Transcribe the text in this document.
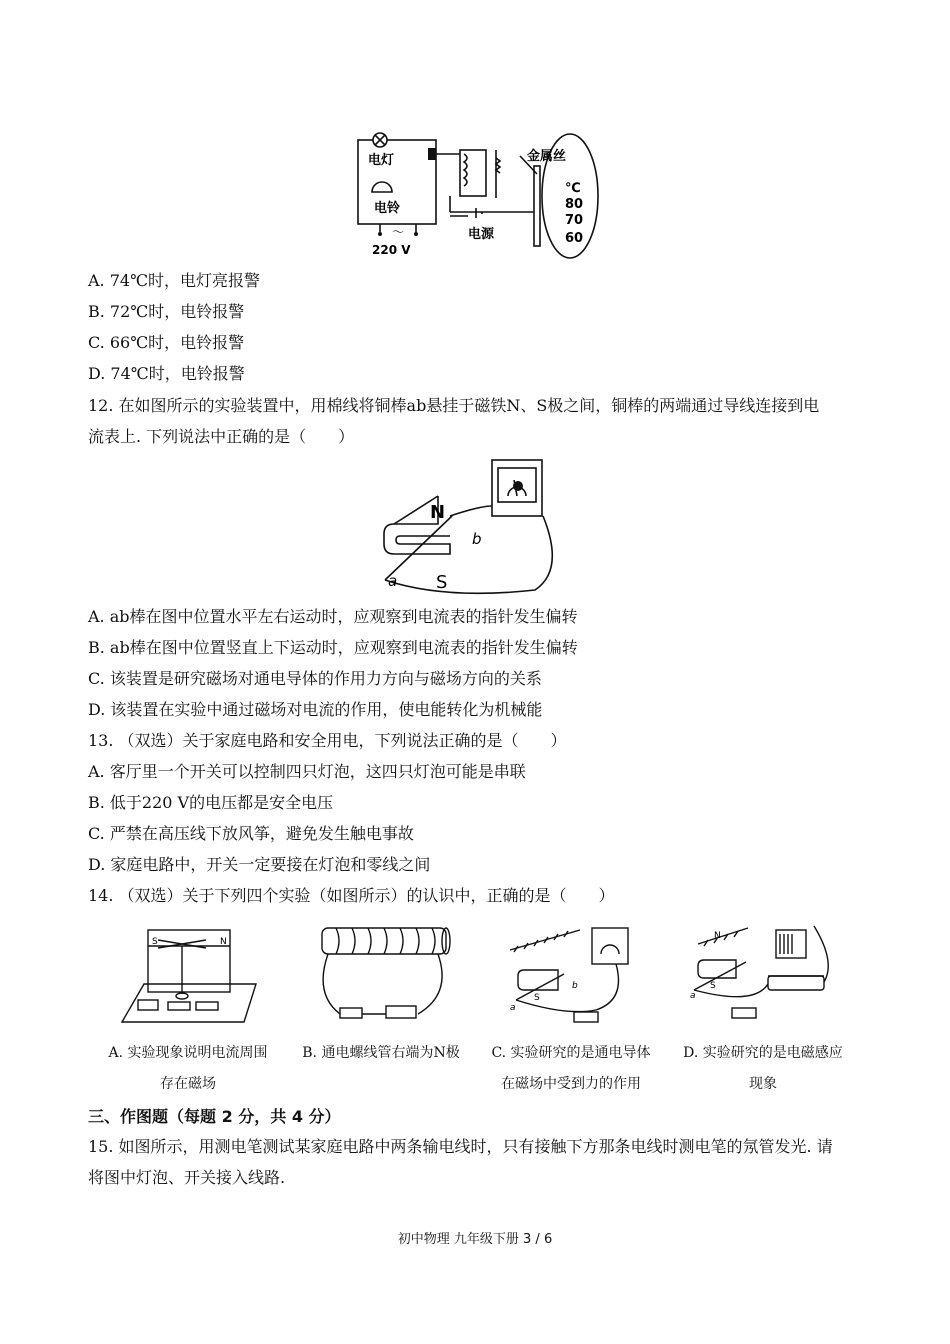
电灯
电铃
～
220 V
电源
金属丝
℃
80
70
60
A. 74℃时，电灯亮报警
B. 72℃时，电铃报警
C. 66℃时，电铃报警
D. 74℃时，电铃报警
12. 在如图所示的实验装置中，用棉线将铜棒ab悬挂于磁铁N、S极之间，铜棒的两端通过导线连接到电
流表上. 下列说法中正确的是（　　）
N
S
a
b
A. ab棒在图中位置水平左右运动时，应观察到电流表的指针发生偏转
B. ab棒在图中位置竖直上下运动时，应观察到电流表的指针发生偏转
C. 该装置是研究磁场对通电导体的作用力方向与磁场方向的关系
D. 该装置在实验中通过磁场对电流的作用，使电能转化为机械能
13. （双选）关于家庭电路和安全用电，下列说法正确的是（　　）
A. 客厅里一个开关可以控制四只灯泡，这四只灯泡可能是串联
B. 低于220 V的电压都是安全电压
C. 严禁在高压线下放风筝，避免发生触电事故
D. 家庭电路中，开关一定要接在灯泡和零线之间
14. （双选）关于下列四个实验（如图所示）的认识中，正确的是（　　）
S	N
A. 实验现象说明电流周围
存在磁场
B. 通电螺线管右端为N极
a
b
S
C. 实验研究的是通电导体
在磁场中受到力的作用
a
N
S
D. 实验研究的是电磁感应
现象
三、作图题（每题 2 分，共 4 分）
15. 如图所示，用测电笔测试某家庭电路中两条输电线时，只有接触下方那条电线时测电笔的氖管发光. 请
将图中灯泡、开关接入线路.
初中物理 九年级下册 3 / 6
